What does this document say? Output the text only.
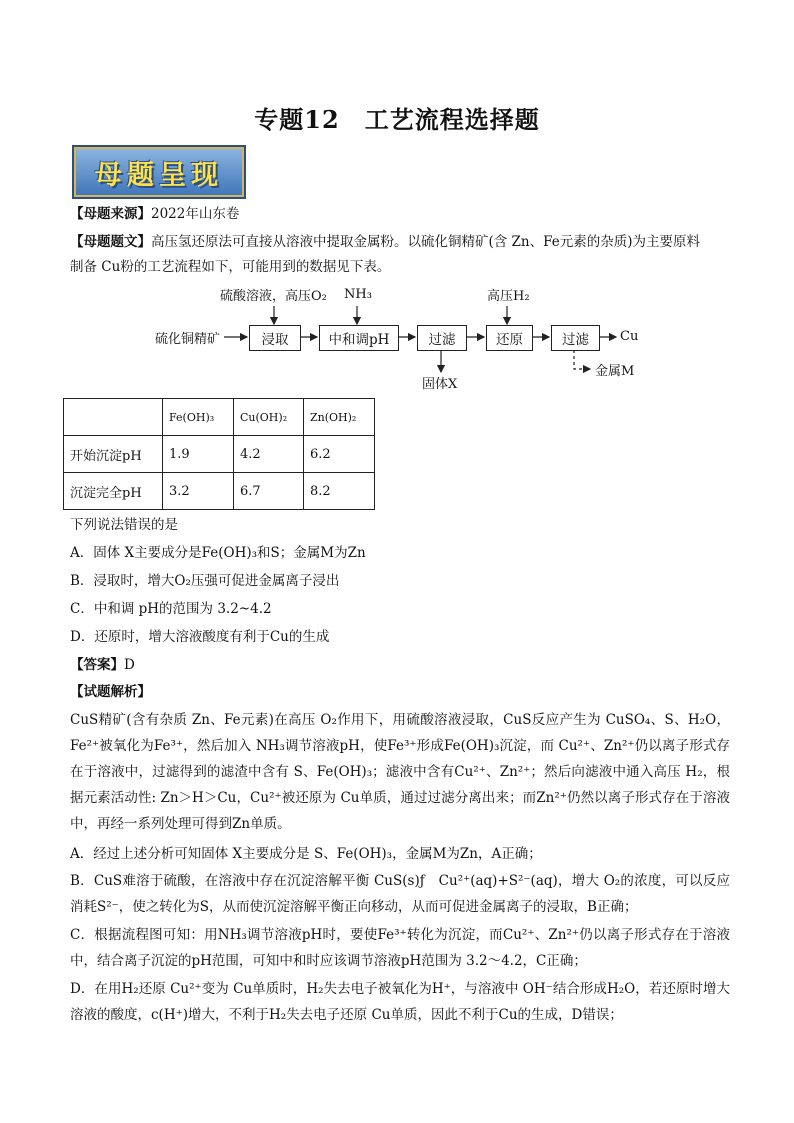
专题12　工艺流程选择题
母题呈现
【母题来源】2022年山东卷
【母题题文】高压氢还原法可直接从溶液中提取金属粉。以硫化铜精矿(含 Zn、Fe元素的杂质)为主要原料
制备 Cu粉的工艺流程如下，可能用到的数据见下表。
硫化铜精矿
硫酸溶液，高压O₂ NH₃	高压H₂
浸取	中和调pH	过滤	还原	过滤	Cu
固体X
金属M
	Fe(OH)₃	Cu(OH)₂	Zn(OH)₂
开始沉淀pH	1.9	4.2	6.2
沉淀完全pH	3.2	6.7	8.2
下列说法错误的是
A．固体 X主要成分是Fe(OH)₃和S；金属M为Zn
B．浸取时，增大O₂压强可促进金属离子浸出
C．中和调 pH的范围为 3.2~4.2
D．还原时，增大溶液酸度有利于Cu的生成
【答案】D
【试题解析】
CuS精矿(含有杂质 Zn、Fe元素)在高压 O₂作用下，用硫酸溶液浸取，CuS反应产生为 CuSO₄、S、H₂O，Fe²⁺被氧化为Fe³⁺，然后加入 NH₃调节溶液pH，使Fe³⁺形成Fe(OH)₃沉淀，而 Cu²⁺、Zn²⁺仍以离子形式存在于溶液中，过滤得到的滤渣中含有 S、Fe(OH)₃；滤液中含有Cu²⁺、Zn²⁺；然后向滤液中通入高压 H₂，根据元素活动性: Zn＞H＞Cu，Cu²⁺被还原为 Cu单质，通过过滤分离出来；而Zn²⁺仍然以离子形式存在于溶液中，再经一系列处理可得到Zn单质。
A．经过上述分析可知固体 X主要成分是 S、Fe(OH)₃，金属M为Zn，A正确；
B．CuS难溶于硫酸，在溶液中存在沉淀溶解平衡 CuS(s)ƒ　Cu²⁺(aq)+S²⁻(aq)，增大 O₂的浓度，可以反应消耗S²⁻，使之转化为S，从而使沉淀溶解平衡正向移动，从而可促进金属离子的浸取，B正确；
C．根据流程图可知：用NH₃调节溶液pH时，要使Fe³⁺转化为沉淀，而Cu²⁺、Zn²⁺仍以离子形式存在于溶液中，结合离子沉淀的pH范围，可知中和时应该调节溶液pH范围为 3.2～4.2，C正确；
D．在用H₂还原 Cu²⁺变为 Cu单质时，H₂失去电子被氧化为H⁺，与溶液中 OH⁻结合形成H₂O，若还原时增大溶液的酸度，c(H⁺)增大，不利于H₂失去电子还原 Cu单质，因此不利于Cu的生成，D错误；
